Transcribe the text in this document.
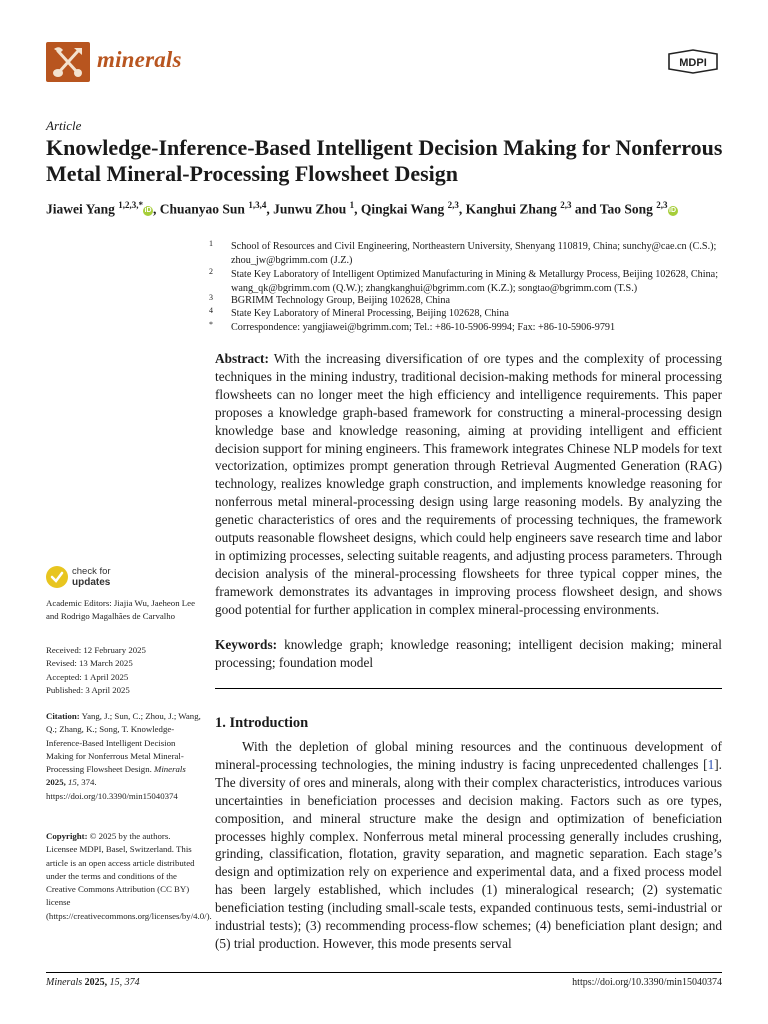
minerals	MDPI
Article
Knowledge-Inference-Based Intelligent Decision Making for Nonferrous Metal Mineral-Processing Flowsheet Design
Jiawei Yang $^{1,2,3,*}$ iD , Chuanyao Sun $^{1,3,4}$, Junwu Zhou $^1$, Qingkai Wang $^{2,3}$, Kanghui Zhang $^{2,3}$ and Tao Song $^{2,3}$ iD
1 School of Resources and Civil Engineering, Northeastern University, Shenyang 110819, China; sunchy@cae.cn (C.S.); zhou_jw@bgrimm.com (J.Z.)
2 State Key Laboratory of Intelligent Optimized Manufacturing in Mining & Metallurgy Process, Beijing 102628, China; wang_qk@bgrimm.com (Q.W.); zhangkanghui@bgrimm.com (K.Z.); songtao@bgrimm.com (T.S.)
3 BGRIMM Technology Group, Beijing 102628, China
4 State Key Laboratory of Mineral Processing, Beijing 102628, China
* Correspondence: yangjiawei@bgrimm.com; Tel.: +86-10-5906-9994; Fax: +86-10-5906-9791
Abstract: With the increasing diversification of ore types and the complexity of processing techniques in the mining industry, traditional decision-making methods for mineral processing flowsheets can no longer meet the high efficiency and intelligence requirements. This paper proposes a knowledge graph-based framework for constructing a mineral-processing design knowledge base and knowledge reasoning, aiming at providing intelligent and efficient decision support for mining engineers. This framework integrates Chinese NLP models for text vectorization, optimizes prompt generation through Retrieval Augmented Generation (RAG) technology, realizes knowledge graph construction, and implements knowledge reasoning for nonferrous metal mineral-processing design using large reasoning models. By analyzing the genetic characteristics of ores and the requirements of processing techniques, the framework outputs reasonable flowsheet designs, which could help engineers save research time and labor in optimizing processes, selecting suitable reagents, and adjusting process parameters. Through decision analysis of the mineral-processing flowsheets for three typical copper mines, the framework demonstrates its advantages in improving process flowsheet design, and shows good potential for further application in complex mineral-processing environments.
Keywords: knowledge graph; knowledge reasoning; intelligent decision making; mineral processing; foundation model
1. Introduction
With the depletion of global mining resources and the continuous development of mineral-processing technologies, the mining industry is facing unprecedented challenges [1]. The diversity of ores and minerals, along with their complex characteristics, introduces various uncertainties in beneficiation processes and decision making. Factors such as ore types, composition, and mineral structure make the design and optimization of beneficiation processes highly complex. Nonferrous metal mineral processing generally includes crushing, grinding, classification, flotation, gravity separation, and magnetic separation. Each stage’s design and optimization rely on experience and experimental data, and a fixed process model has been largely established, which includes (1) mineralogical research; (2) systematic beneficiation testing (including small-scale tests, expanded continuous tests, semi-industrial or industrial tests); (3) recommending process-flow schemes; (4) beneficiation plant design; and (5) trial production. However, this mode presents serval
check for
updates
Academic Editors: Jiajia Wu, Jaeheon Lee and Rodrigo Magalhães de Carvalho
Received: 12 February 2025
Revised: 13 March 2025
Accepted: 1 April 2025
Published: 3 April 2025
Citation: Yang, J.; Sun, C.; Zhou, J.; Wang, Q.; Zhang, K.; Song, T. Knowledge-Inference-Based Intelligent Decision Making for Nonferrous Metal Mineral-Processing Flowsheet Design. Minerals 2025, 15, 374. https://doi.org/10.3390/min15040374
Copyright: © 2025 by the authors. Licensee MDPI, Basel, Switzerland. This article is an open access article distributed under the terms and conditions of the Creative Commons Attribution (CC BY) license (https://creativecommons.org/licenses/by/4.0/).
Minerals 2025, 15, 374	https://doi.org/10.3390/min15040374
